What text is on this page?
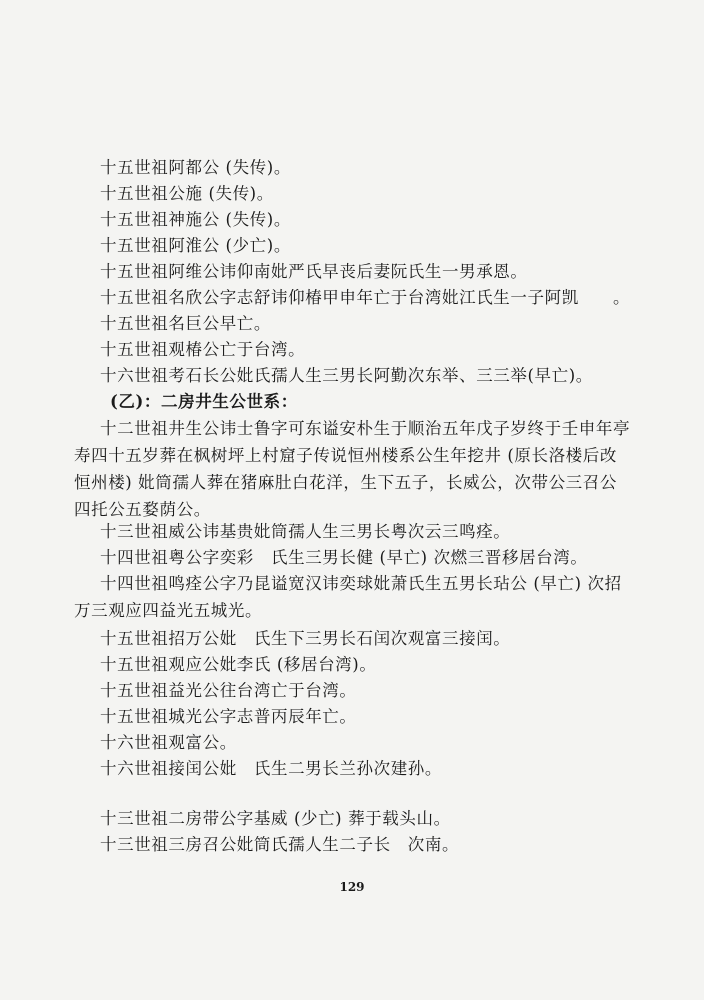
十五世祖阿都公 (失传)。
十五世祖公施 (失传)。
十五世祖神施公 (失传)。
十五世祖阿淮公 (少亡)。
十五世祖阿维公讳仰南妣严氏早丧后妻阮氏生一男承恩。
十五世祖名欣公字志舒讳仰椿甲申年亡于台湾妣江氏生一子阿凯　　。
十五世祖名巨公早亡。
十五世祖观椿公亡于台湾。
十六世祖考石长公妣氏孺人生三男长阿勤次东举、三三举(早亡)。
(乙)：二房井生公世系：
十二世祖井生公讳士鲁字可东谥安朴生于顺治五年戊子岁终于壬申年亭寿四十五岁葬在枫树坪上村窟子传说恒州楼系公生年挖井 (原长洛楼后改恒州楼) 妣筒孺人葬在猪麻肚白花洋，生下五子，长威公，次带公三召公四托公五婺荫公。
十三世祖威公讳基贵妣筒孺人生三男长粤次云三鸣痊。
十四世祖粤公字奕彩　氏生三男长健 (早亡) 次燃三晋移居台湾。
十四世祖鸣痊公字乃昆谥宽汉讳奕球妣萧氏生五男长玷公 (早亡) 次招万三观应四益光五城光。
十五世祖招万公妣　氏生下三男长石闰次观富三接闰。
十五世祖观应公妣李氏 (移居台湾)。
十五世祖益光公往台湾亡于台湾。
十五世祖城光公字志普丙辰年亡。
十六世祖观富公。
十六世祖接闰公妣　氏生二男长兰孙次建孙。
十三世祖二房带公字基威 (少亡) 葬于载头山。
十三世祖三房召公妣筒氏孺人生二子长　次南。
129
